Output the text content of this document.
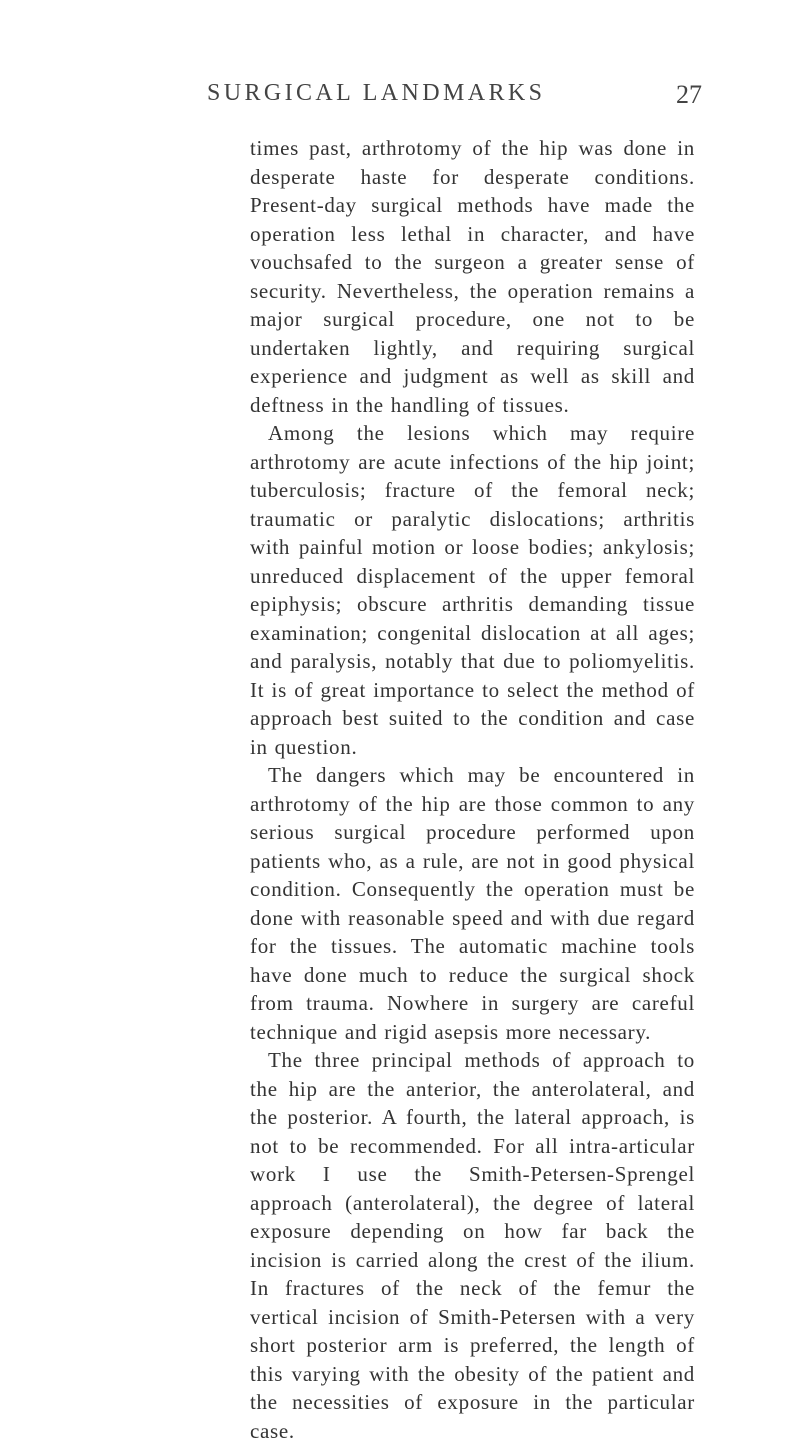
SURGICAL LANDMARKS	27

times past, arthrotomy of the hip was done in desperate haste for desperate conditions. Present-day surgical methods have made the operation less lethal in character, and have vouchsafed to the surgeon a greater sense of security. Nevertheless, the operation remains a major surgical procedure, one not to be undertaken lightly, and requiring surgical experience and judgment as well as skill and deftness in the handling of tissues.

Among the lesions which may require arthrotomy are acute infections of the hip joint; tuberculosis; fracture of the femoral neck; traumatic or paralytic dislocations; arthritis with painful motion or loose bodies; ankylosis; unreduced displacement of the upper femoral epiphysis; obscure arthritis demanding tissue examination; congenital dislocation at all ages; and paralysis, notably that due to poliomyelitis. It is of great importance to select the method of approach best suited to the condition and case in question.

The dangers which may be encountered in arthrotomy of the hip are those common to any serious surgical procedure performed upon patients who, as a rule, are not in good physical condition. Consequently the operation must be done with reasonable speed and with due regard for the tissues. The automatic machine tools have done much to reduce the surgical shock from trauma. Nowhere in surgery are careful technique and rigid asepsis more necessary.

The three principal methods of approach to the hip are the anterior, the anterolateral, and the posterior. A fourth, the lateral approach, is not to be recommended. For all intra-articular work I use the Smith-Petersen-Sprengel approach (anterolateral), the degree of lateral exposure depending on how far back the incision is carried along the crest of the ilium. In fractures of the neck of the femur the vertical incision of Smith-Petersen with a very short posterior arm is preferred, the length of this varying with the obesity of the patient and the necessities of exposure in the particular case.
